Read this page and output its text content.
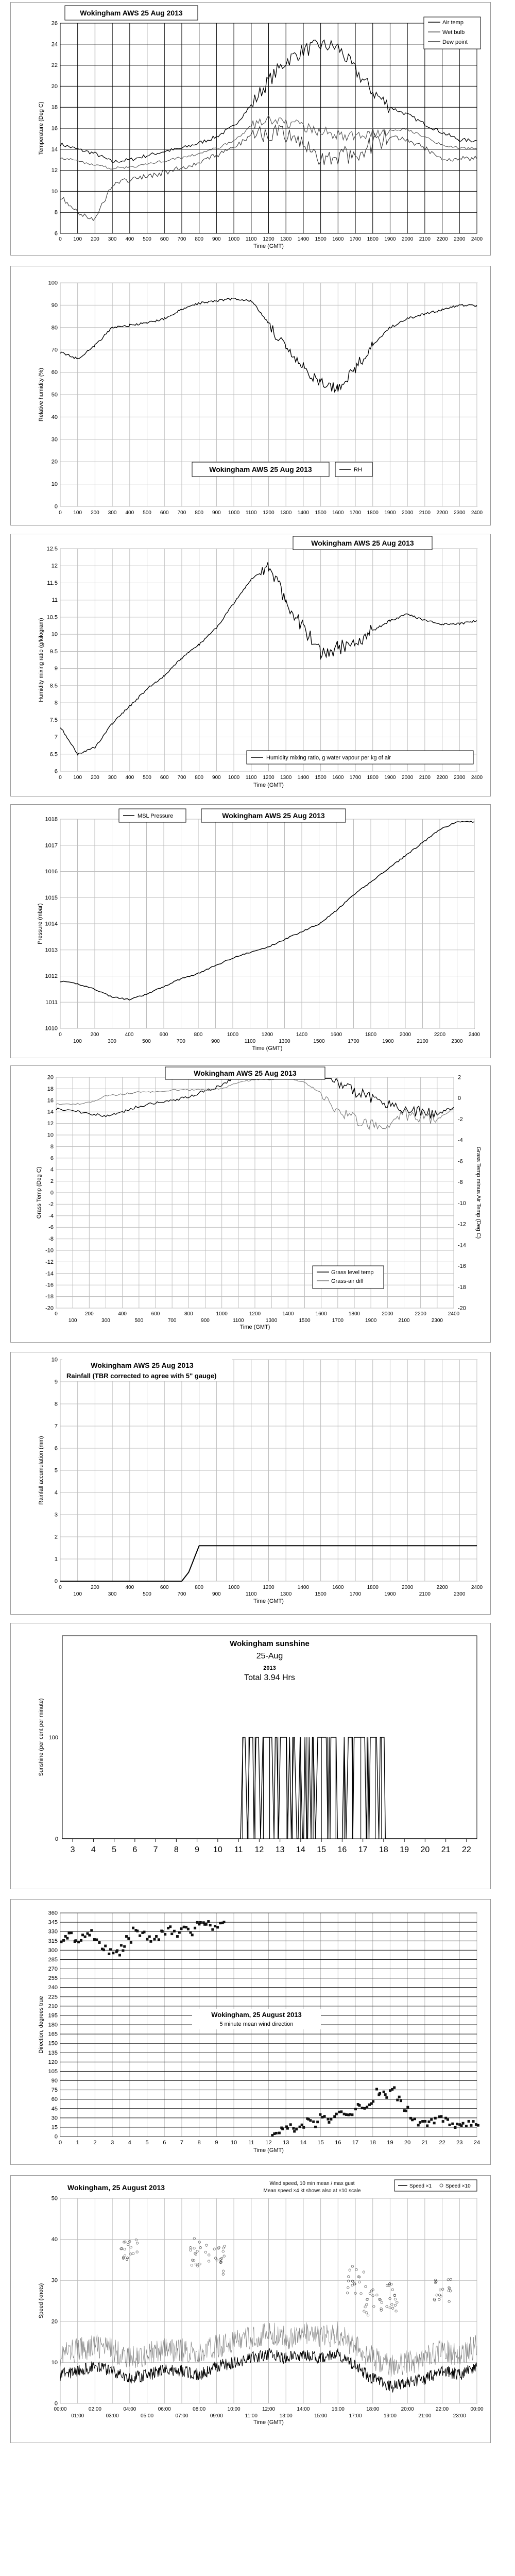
6
8
10
12
14
16
18
20
22
24
26
0 100 200 300 400 500 600 700 800 900 1000 1100 1200 1300 1400 1500 1600 1700 1800 1900 2000 2100 2200 2300 2400
Time (GMT)
Temperature (Deg C)
Wokingham AWS 25 Aug 2013
Air temp
Wet bulb
Dew point
0
10
20
30
40
50
60
70
80
90
100
0 100 200 300 400 500 600 700 800 900 1000 1100 1200 1300 1400 1500 1600 1700 1800 1900 2000 2100 2200 2300 2400
Relative humidity (%)
Wokingham AWS 25 Aug 2013	RH
6
6.5
7
7.5
8
8.5
9
9.5
10
10.5
11
11.5
12
12.5
0 100 200 300 400 500 600 700 800 900 1000 1100 1200 1300 1400 1500 1600 1700 1800 1900 2000 2100 2200 2300 2400
Time (GMT)
Humidity mixing ratio (g/kilogram)
Wokingham AWS 25 Aug 2013
Humidity mixing ratio, g water vapour per kg of air
1010
1011
1012
1013
1014
1015
1016
1017
1018
0	200	400	600	800	1000	1200	1400	1600	1800	2000	2200	2400
100	300	500	700	900	1100	1300	1500	1700	1900	2100	2300
Time (GMT)
Pressure (mbar)
MSL Pressure	Wokingham AWS 25 Aug 2013
-20
-18
-16
-14
-12
-10
-8
-6
-4
-2
0
2
4
6
8
10
12
14
16
18
20
-20
-18
-16
-14
-12
-10
-8
-6
-4
-2
0
2
0	200	400	600	800	1000	1200	1400	1600	1800	2000	2200	2400
100	300	500	700	900	1100	1300	1500	1700	1900	2100	2300
Time (GMT)
Grass Temp (Deg C)	Grass Temp minus Air Temp (Deg C)
Wokingham AWS 25 Aug 2013
Grass level temp
Grass-air diff
0
1
2
3
4
5
6
7
8
9
10
0	200	400	600	800	1000	1200	1400	1600	1800	2000	2200	2400
100	300	500	700	900	1100	1300	1500	1700	1900	2100	2300
Time (GMT)
Rainfall accumulation (mm)
Wokingham AWS 25 Aug 2013
Rainfall (TBR corrected to agree with 5" gauge)
0
100
Sunshine (per cent per minute)
3 4 5 6 7 8 9 10 11 12 13 14 15 16 17 18 19 20 21 22
Wokingham sunshine
25-Aug
2013
Total 3.94 Hrs
0
15
30
45
60
75
90
105
120
135
150
165
180
195
210
225
240
255
270
285
300
315
330
345
360
0	1	2	3	4	5	6	7	8	9 10 11 12 13 14 15 16 17 18 19 20 21 22 23 24
Time (GMT)
Direction, degrees true	Wokingham, 25 August 2013
5 minute mean wind direction
0
10
20
30
40
50
00:00	02:00	04:00	06:00	08:00	10:00	12:00	14:00	16:00	18:00	20:00	22:00	00:00
01:00	03:00	05:00	07:00	09:00	11:00	13:00	15:00	17:00	19:00	21:00	23:00
Time (GMT)
Speed (knots)
Wokingham, 25 August 2013	Wind speed, 10 min mean / max gust
Mean speed ×4 kt shows also at ×10 scale
Speed ×1	Speed ×10
